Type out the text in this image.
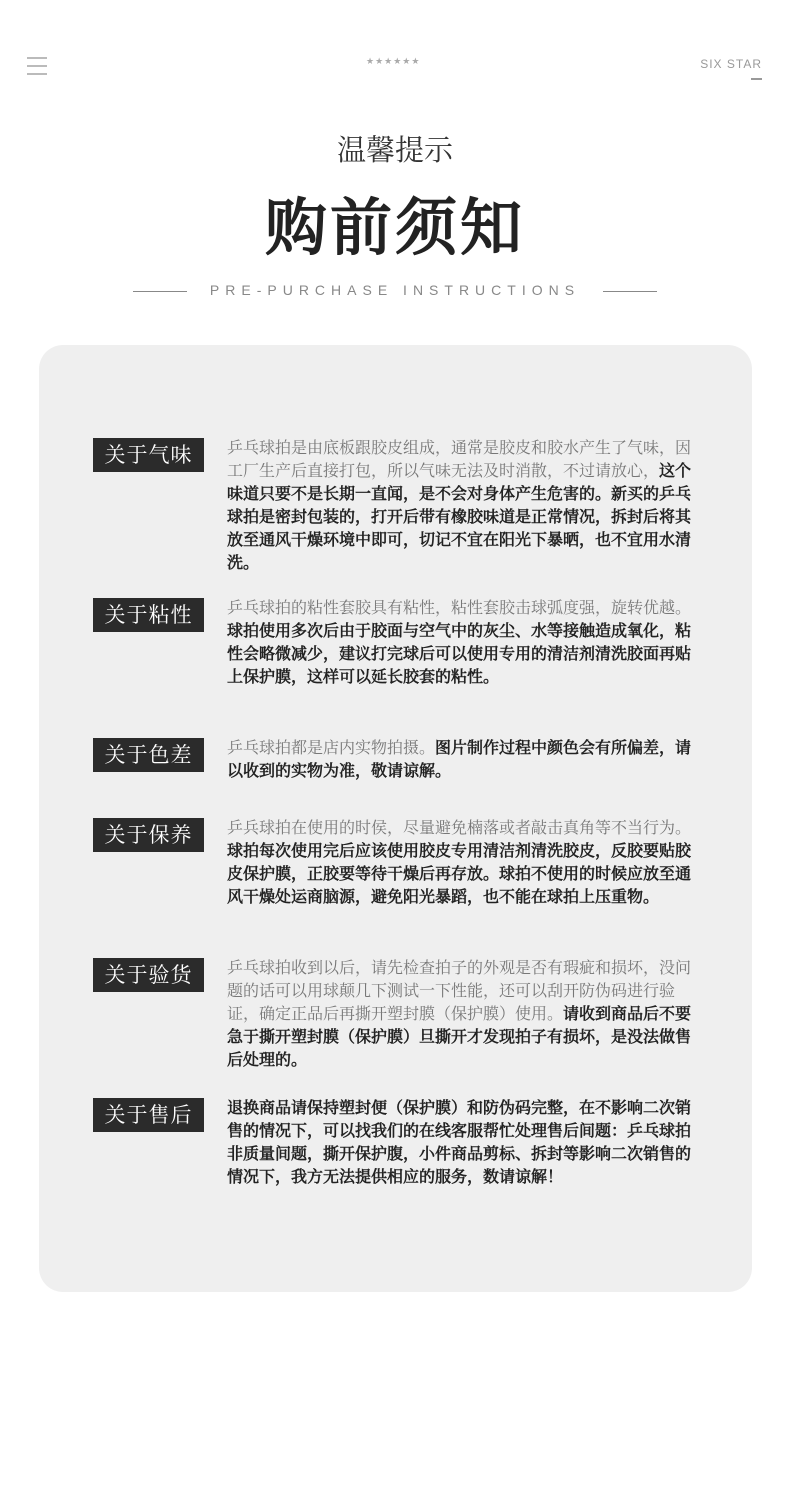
★★★★★★	SIX STAR
温馨提示
购前须知
PRE-PURCHASE INSTRUCTIONS
关于气味	乒乓球拍是由底板跟胶皮组成，通常是胶皮和胶水产生了气味，因工厂生产后直接打包，所以气味无法及时消散，不过请放心，这个味道只要不是长期一直闻，是不会对身体产生危害的。新买的乒乓球拍是密封包装的，打开后带有橡胶味道是正常情况，拆封后将其放至通风干燥环境中即可，切记不宜在阳光下暴晒，也不宜用水清洗。
关于粘性	乒乓球拍的粘性套胶具有粘性，粘性套胶击球弧度强，旋转优越。球拍使用多次后由于胶面与空气中的灰尘、水等接触造成氧化，粘性会略微减少，建议打完球后可以使用专用的清洁剂清洗胶面再贴上保护膜，这样可以延长胶套的粘性。
关于色差	乒乓球拍都是店内实物拍摄。图片制作过程中颜色会有所偏差，请以收到的实物为准，敬请谅解。
关于保养	乒兵球拍在使用的时侯，尽量避免楠落或者敲击真角等不当行为。球拍每次使用完后应该使用胶皮专用清洁剂清洗胶皮，反胶要贴胶皮保护膜，正胶要等待干燥后再存放。球拍不使用的时候应放至通风干燥处运商脑源，避免阳光暴蹈，也不能在球拍上压重物。
关于验货	乒乓球拍收到以后，请先检查拍子的外观是否有瑕疵和损坏，没问题的话可以用球颠几下测试一下性能，还可以刮开防伪码进行验证，确定正品后再撕开塑封膜（保护膜）使用。请收到商品后不要急于撕开塑封膜（保护膜）旦撕开才发现拍子有损坏，是没法做售后处理的。
关于售后	退换商品请保持塑封便（保护膜）和防伪码完整，在不影响二次销售的情况下，可以找我们的在线客服帮忙处理售后间题：乒乓球拍非质量间题，撕开保护腹，小件商品剪标、拆封等影响二次销售的情况下，我方无法提供相应的服务，数请谅解！
